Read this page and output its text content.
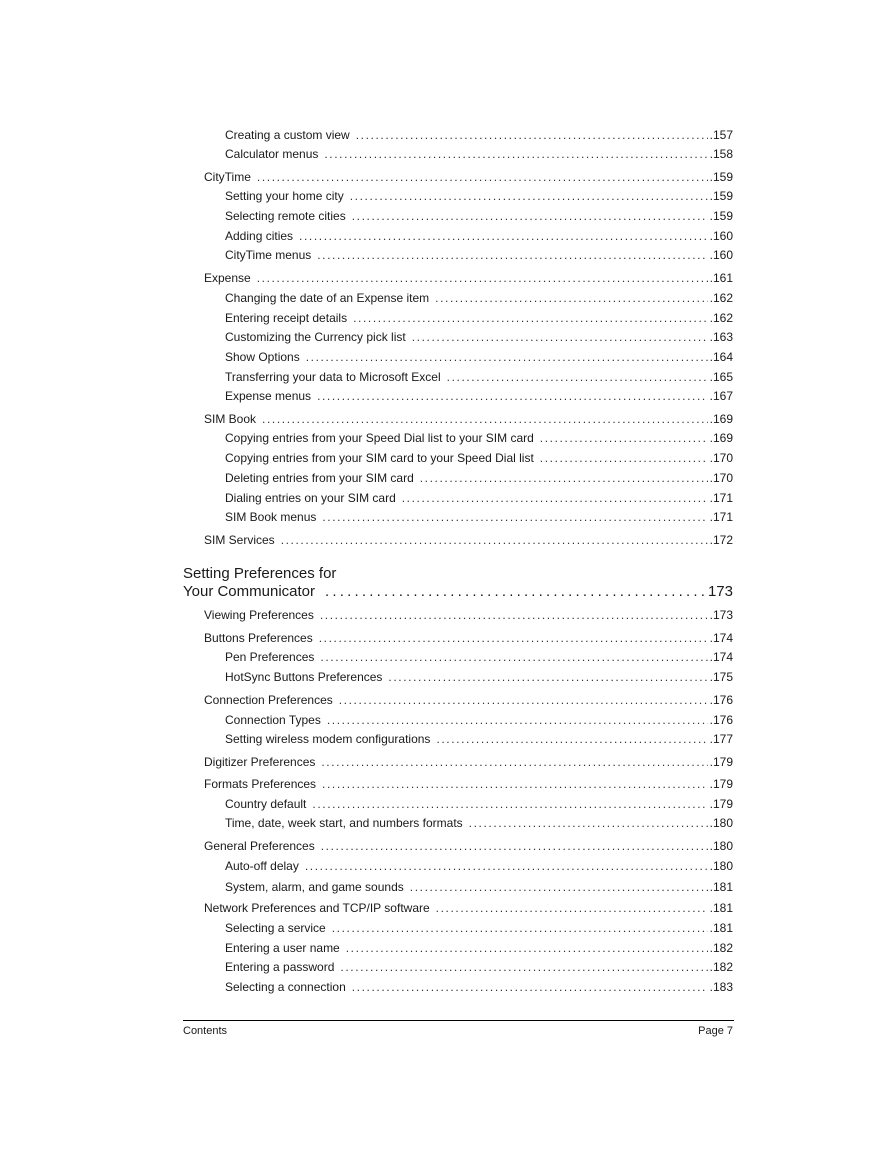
Creating a custom view .....	.157
Calculator menus .....	.158
CityTime .....	.159
Setting your home city .....	.159
Selecting remote cities .....	.159
Adding cities .....	.160
CityTime menus .....	.160
Expense .....	.161
Changing the date of an Expense item .....	.162
Entering receipt details .....	.162
Customizing the Currency pick list .....	.163
Show Options .....	.164
Transferring your data to Microsoft Excel .....	.165
Expense menus .....	.167
SIM Book .....	.169
Copying entries from your Speed Dial list to your SIM card .....	.169
Copying entries from your SIM card to your Speed Dial list .....	.170
Deleting entries from your SIM card .....	.170
Dialing entries on your SIM card .....	.171
SIM Book menus .....	.171
SIM Services .....	.172
Setting Preferences for
Your Communicator .....	173
Viewing Preferences .....	.173
Buttons Preferences .....	.174
Pen Preferences .....	.174
HotSync Buttons Preferences .....	.175
Connection Preferences .....	.176
Connection Types .....	.176
Setting wireless modem configurations .....	.177
Digitizer Preferences .....	.179
Formats Preferences .....	.179
Country default .....	.179
Time, date, week start, and numbers formats .....	.180
General Preferences .....	.180
Auto-off delay .....	.180
System, alarm, and game sounds .....	.181
Network Preferences and TCP/IP software .....	.181
Selecting a service .....	.181
Entering a user name .....	.182
Entering a password .....	.182
Selecting a connection .....	.183
Contents	Page 7
